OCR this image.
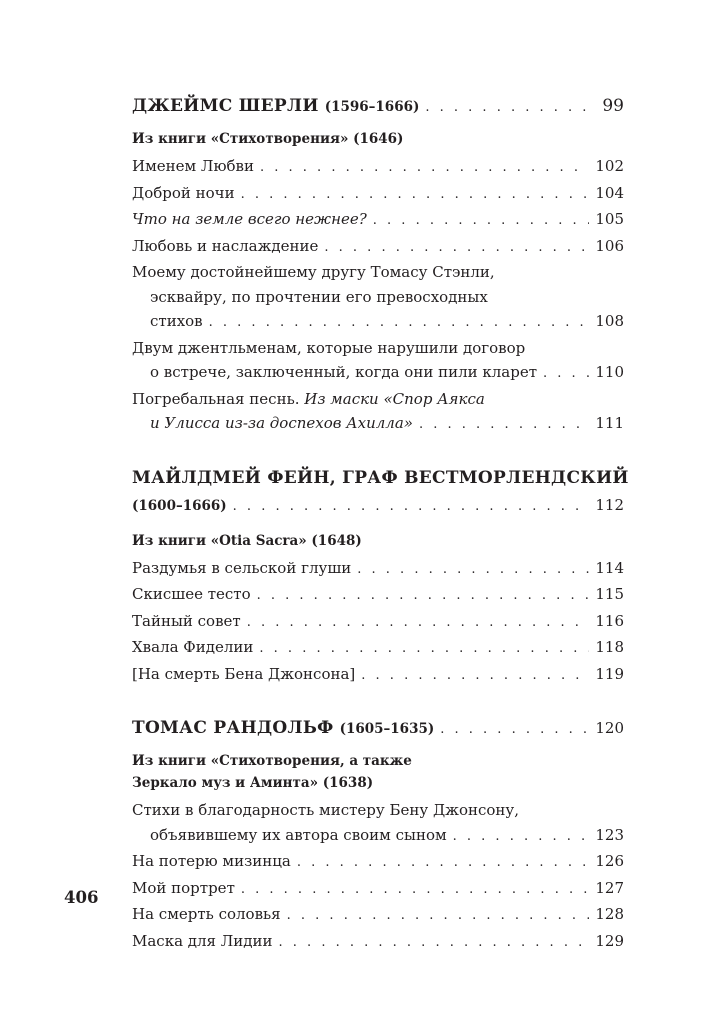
ДЖЕЙМС ШЕРЛИ (1596–1666) . . .	99
Из книги «Стихотворения» (1646)
Именем Любви . . .	102
Доброй ночи . . .	104
Что на земле всего нежнее? . . .	105
Любовь и наслаждение . . .	106
Моему достойнейшему другу Томасу Стэнли,
эсквайру, по прочтении его превосходных
стихов . . .	108
Двум джентльменам, которые нарушили договор
о встрече, заключенный, когда они пили кларет . . .	110
Погребальная песнь. Из маски «Спор Аякса
и Улисса из-за доспехов Ахилла» . . .	111
МАЙЛДМЕЙ ФЕЙН, ГРАФ ВЕСТМОРЛЕНДСКИЙ
(1600–1666) . . .	112
Из книги «Otia Sacra» (1648)
Раздумья в сельской глуши . . .	114
Скисшее тесто . . .	115
Тайный совет . . .	116
Хвала Фиделии . . .	118
[На смерть Бена Джонсона] . . .	119
ТОМАС РАНДОЛЬФ (1605–1635) . . .	120
Из книги «Стихотворения, а также
Зеркало муз и Аминта» (1638)
Стихи в благодарность мистеру Бену Джонсону,
объявившему их автора своим сыном . . .	123
На потерю мизинца . . .	126
Мой портрет . . .	127
На смерть соловья . . .	128
Маска для Лидии . . .	129
406
